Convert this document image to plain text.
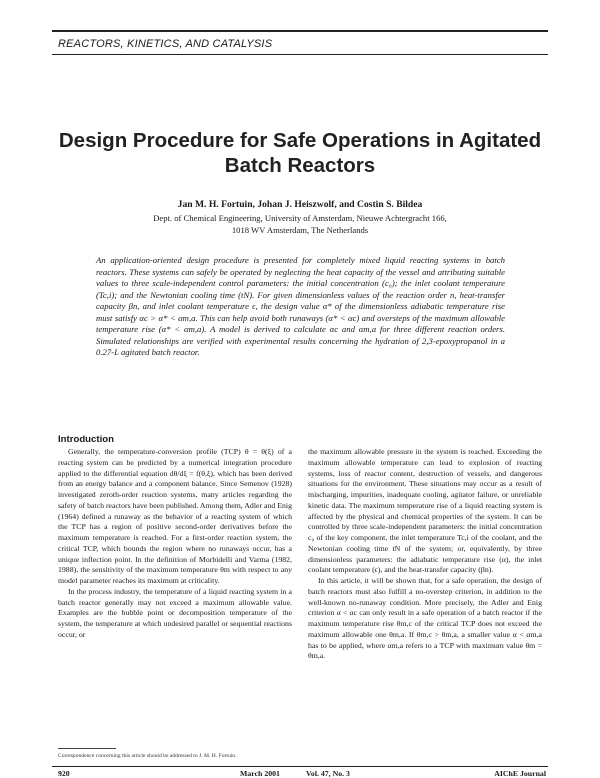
REACTORS, KINETICS, AND CATALYSIS
Design Procedure for Safe Operations in Agitated
Batch Reactors
Jan M. H. Fortuin, Johan J. Heiszwolf, and Costin S. Bildea
Dept. of Chemical Engineering, University of Amsterdam, Nieuwe Achtergracht 166,
1018 WV Amsterdam, The Netherlands

An application-oriented design procedure is presented for completely mixed liquid reacting systems in batch reactors. These systems can safely be operated by neglecting the heat capacity of the vessel and attributing suitable values to three scale-independent control parameters: the initial concentration (c₀); the inlet coolant temperature (Tc,i); and the Newtonian cooling time (tN). For given dimensionless values of the reaction order n, heat-transfer capacity βn, and inlet coolant temperature ϵ, the design value α* of the dimensionless adiabatic temperature rise must satisfy αc > α* < αm,a. This can help avoid both runaways (α* < αc) and oversteps of the maximum allowable temperature rise (α* < αm,a). A model is derived to calculate αc and αm,a for three different reaction orders. Simulated relationships are verified with experimental results concerning the hydration of 2,3-epoxypropanol in a 0.27-L agitated batch reactor.

Introduction

Generally, the temperature-conversion profile (TCP) θ = θ(ξ) of a reacting system can be predicted by a numerical integration procedure applied to the differential equation dθ/dξ = f(θ,ξ), which has been derived from an energy balance and a component balance. Since Semenov (1928) investigated zeroth-order reaction systems, many articles regarding the safety of batch reactors have been published. Among them, Adler and Enig (1964) defined a runaway as the behavior of a reacting system of which the TCP has a region of positive second-order derivatives before the maximum temperature is reached. For a first-order reaction system, the critical TCP, which bounds the region where no runaways occur, has a unique inflection point. In the definition of Morbidelli and Varma (1982, 1988), the sensitivity of the maximum temperature θm with respect to any model parameter reaches its maximum at criticality.

In the process industry, the temperature of a liquid reacting system in a batch reactor generally may not exceed a maximum allowable value. Examples are the bubble point or decomposition temperature of the system, the temperature at which undesired parallel or sequential reactions occur, or

the maximum allowable pressure in the system is reached. Exceeding the maximum allowable temperature can lead to explosion of reacting systems, loss of reactor content, destruction of vessels, and dangerous situations for the environment. These situations may occur as a result of mischarging, impurities, inadequate cooling, agitator failure, or unreliable kinetic data. The maximum temperature rise of a liquid reacting system is affected by the physical and chemical properties of the system. It can be controlled by three scale-independent parameters: the initial concentration c₀ of the key component, the inlet temperature Tc,i of the coolant, and the Newtonian cooling time tN of the system; or, equivalently, by three dimensionless parameters: the adiabatic temperature rise (α), the inlet coolant temperature (ϵ), and the heat-transfer capacity (βn).

In this article, it will be shown that, for a safe operation, the design of batch reactors must also fulfill a no-overstep criterion, in addition to the well-known no-runaway condition. More precisely, the Adler and Enig criterion α < αc can only result in a safe operation of a batch reactor if the maximum temperature rise θm,c of the critical TCP does not exceed the maximum allowable one θm,a. If θm,c > θm,a, a smaller value α < αm,a has to be applied, where αm,a refers to a TCP with maximum value θm = θm,a.

Correspondence concerning this article should be addressed to J. M. H. Fortuin.
920	March 2001	Vol. 47, No. 3	AIChE Journal
